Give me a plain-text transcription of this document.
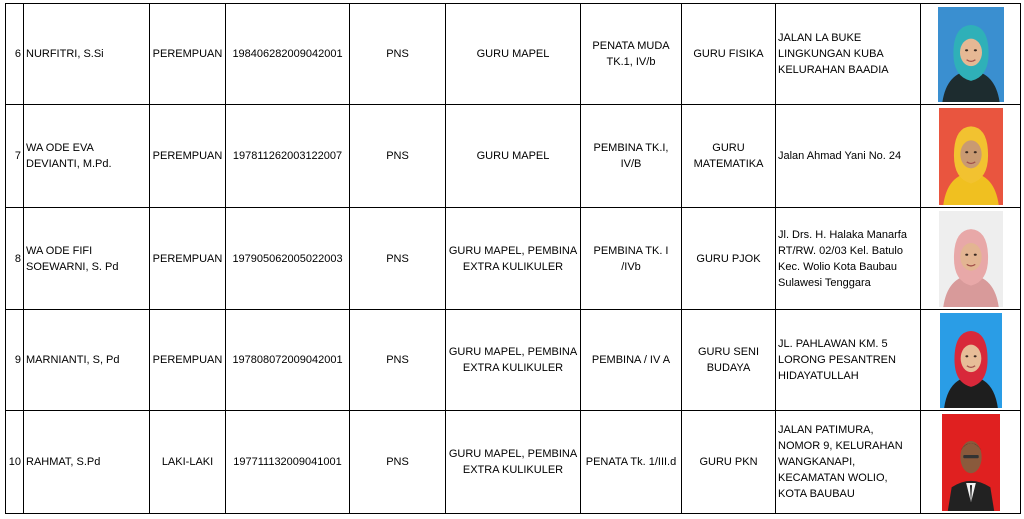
6	NURFITRI, S.Si	PEREMPUAN	198406282009042001	PNS	GURU MAPEL	PENATA MUDA TK.1, IV/b	GURU FISIKA	JALAN LA BUKE LINGKUNGAN KUBA KELURAHAN BAADIA	

7	WA ODE EVA DEVIANTI, M.Pd.	PEREMPUAN	197811262003122007	PNS	GURU MAPEL	PEMBINA TK.I, IV/B	GURU MATEMATIKA	Jalan Ahmad Yani No. 24	

8	WA ODE FIFI SOEWARNI, S. Pd	PEREMPUAN	197905062005022003	PNS	GURU MAPEL, PEMBINA EXTRA KULIKULER	PEMBINA TK. I /IVb	GURU PJOK	Jl. Drs. H. Halaka Manarfa RT/RW. 02/03 Kel. Batulo Kec. Wolio Kota Baubau Sulawesi Tenggara	

9	MARNIANTI, S, Pd	PEREMPUAN	197808072009042001	PNS	GURU MAPEL, PEMBINA EXTRA KULIKULER	PEMBINA / IV A	GURU SENI BUDAYA	JL. PAHLAWAN KM. 5 LORONG PESANTREN HIDAYATULLAH	

10	RAHMAT, S.Pd	LAKI-LAKI	197711132009041001	PNS	GURU MAPEL, PEMBINA EXTRA KULIKULER	PENATA Tk. 1/III.d	GURU PKN	JALAN PATIMURA, NOMOR 9, KELURAHAN WANGKANAPI, KECAMATAN WOLIO, KOTA BAUBAU	
